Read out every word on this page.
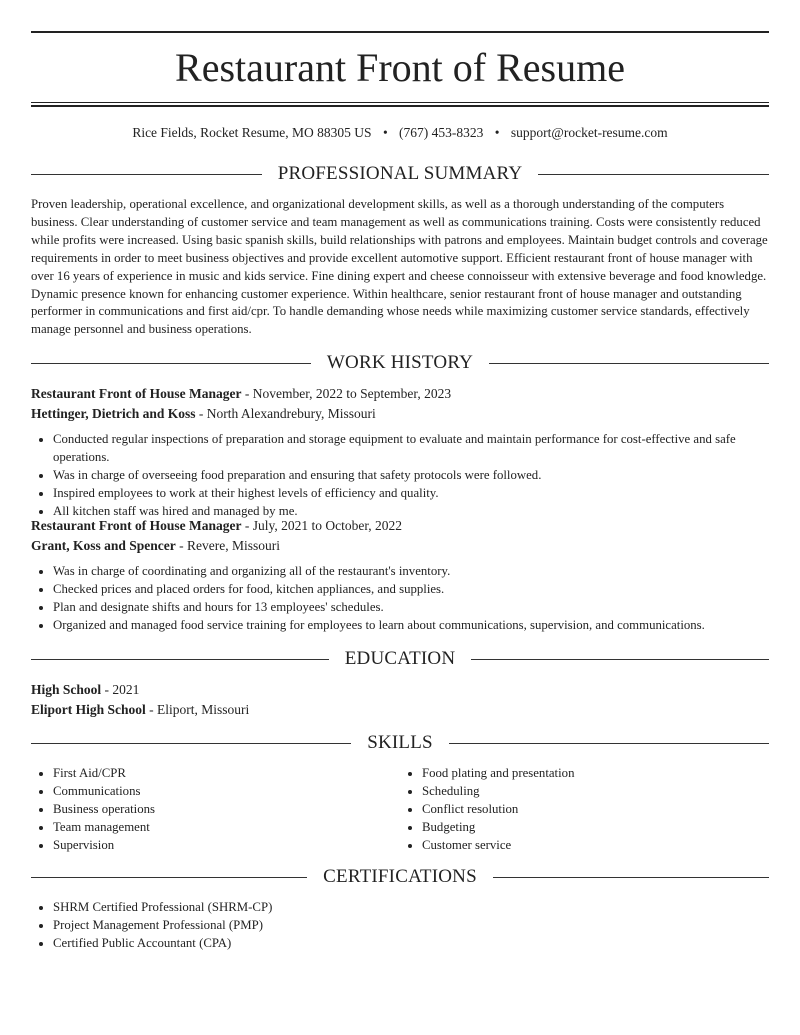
Restaurant Front of Resume
Rice Fields, Rocket Resume, MO 88305 US • (767) 453-8323 • support@rocket-resume.com
PROFESSIONAL SUMMARY

Proven leadership, operational excellence, and organizational development skills, as well as a thorough understanding of the computers business. Clear understanding of customer service and team management as well as communications training. Costs were consistently reduced while profits were increased. Using basic spanish skills, build relationships with patrons and employees. Maintain budget controls and coverage requirements in order to meet business objectives and provide excellent automotive support. Efficient restaurant front of house manager with over 16 years of experience in music and kids service. Fine dining expert and cheese connoisseur with extensive beverage and food knowledge. Dynamic presence known for enhancing customer experience. Within healthcare, senior restaurant front of house manager and outstanding performer in communications and first aid/cpr. To handle demanding whose needs while maximizing customer service standards, effectively manage personnel and business operations.

WORK HISTORY
Restaurant Front of House Manager - November, 2022 to September, 2023
Hettinger, Dietrich and Koss - North Alexandrebury, Missouri
• Conducted regular inspections of preparation and storage equipment to evaluate and maintain performance for cost-effective and safe operations.
• Was in charge of overseeing food preparation and ensuring that safety protocols were followed.
• Inspired employees to work at their highest levels of efficiency and quality.
• All kitchen staff was hired and managed by me.
Restaurant Front of House Manager - July, 2021 to October, 2022
Grant, Koss and Spencer - Revere, Missouri
• Was in charge of coordinating and organizing all of the restaurant's inventory.
• Checked prices and placed orders for food, kitchen appliances, and supplies.
• Plan and designate shifts and hours for 13 employees' schedules.
• Organized and managed food service training for employees to learn about communications, supervision, and communications.
EDUCATION
High School - 2021
Eliport High School - Eliport, Missouri
SKILLS
• First Aid/CPR
• Communications
• Business operations
• Team management
• Supervision
• Food plating and presentation
• Scheduling
• Conflict resolution
• Budgeting
• Customer service
CERTIFICATIONS
• SHRM Certified Professional (SHRM-CP)
• Project Management Professional (PMP)
• Certified Public Accountant (CPA)
